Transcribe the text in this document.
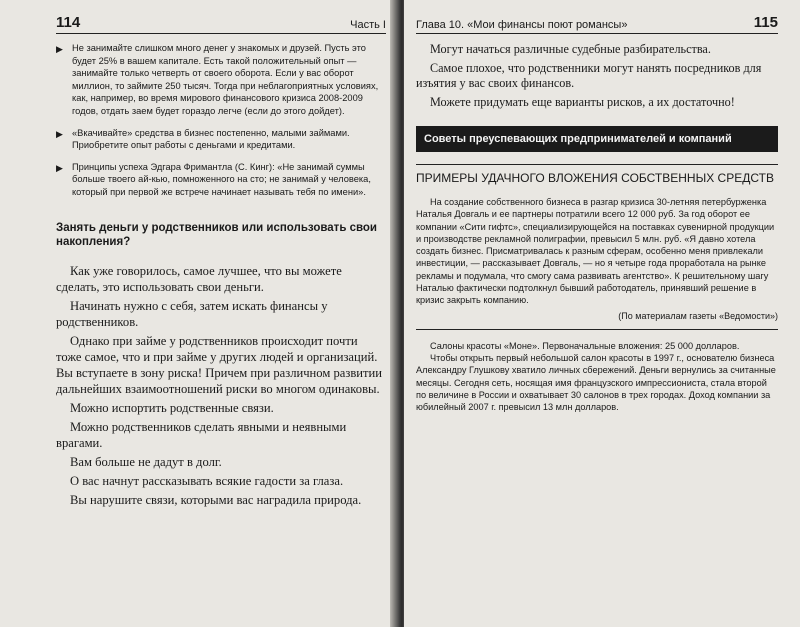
114	Часть I
▶ Не занимайте слишком много денег у знакомых и друзей. Пусть это будет 25% в вашем капитале. Есть такой положительный опыт — занимайте только четверть от своего оборота. Если у вас оборот миллион, то займите 250 тысяч. Тогда при неблагоприятных условиях, как, например, во время мирового финансового кризиса 2008-2009 годов, отдать заем будет гораздо легче (если до этого дойдет).
▶ «Вкачивайте» средства в бизнес постепенно, малыми займами. Приобретите опыт работы с деньгами и кредитами.
▶ Принципы успеха Эдгара Фримантла (С. Кинг): «Не занимай суммы больше твоего ай-кью, помноженного на сто; не занимай у человека, который при первой же встрече начинает называть тебя по имени».
Занять деньги у родственников или использовать свои накопления?

Как уже говорилось, самое лучшее, что вы можете сделать, это использовать свои деньги.

Начинать нужно с себя, затем искать финансы у родственников.

Однако при займе у родственников происходит почти тоже самое, что и при займе у других людей и организаций. Вы вступаете в зону риска! Причем при различном развитии дальнейших взаимоотношений риски во многом одинаковы.

Можно испортить родственные связи.

Можно родственников сделать явными и неявными врагами.

Вам больше не дадут в долг.

О вас начнут рассказывать всякие гадости за глаза.

Вы нарушите связи, которыми вас наградила природа.

Глава 10. «Мои финансы поют романсы»	115

Могут начаться различные судебные разбирательства.

Самое плохое, что родственники могут нанять посредников для изъятия у вас своих финансов.

Можете придумать еще варианты рисков, а их достаточно!

Советы преуспевающих предпринимателей и компаний
ПРИМЕРЫ УДАЧНОГО ВЛОЖЕНИЯ СОБСТВЕННЫХ СРЕДСТВ

На создание собственного бизнеса в разгар кризиса 30-летняя петербурженка Наталья Довгаль и ее партнеры потратили всего 12 000 руб. За год оборот ее компании «Сити гифтс», специализирующейся на поставках сувенирной продукции и производстве рекламной полиграфии, превысил 5 млн. руб. «Я давно хотела создать бизнес. Присматривалась к разным сферам, особенно меня привлекали инвестиции, — рассказывает Довгаль, — но я четыре года проработала на рынке рекламы и подумала, что смогу сама развивать агентство». К решительному шагу Наталью фактически подтолкнул бывший работодатель, принявший решение в кризис закрыть компанию.

(По материалам газеты «Ведомости»)

Салоны красоты «Моне». Первоначальные вложения: 25 000 долларов.

Чтобы открыть первый небольшой салон красоты в 1997 г., основателю бизнеса Александру Глушкову хватило личных сбережений. Деньги вернулись за считанные месяцы. Сегодня сеть, носящая имя французского импрессиониста, стала второй по величине в России и охватывает 30 салонов в трех городах. Доход компании за юбилейный 2007 г. превысил 13 млн долларов.
